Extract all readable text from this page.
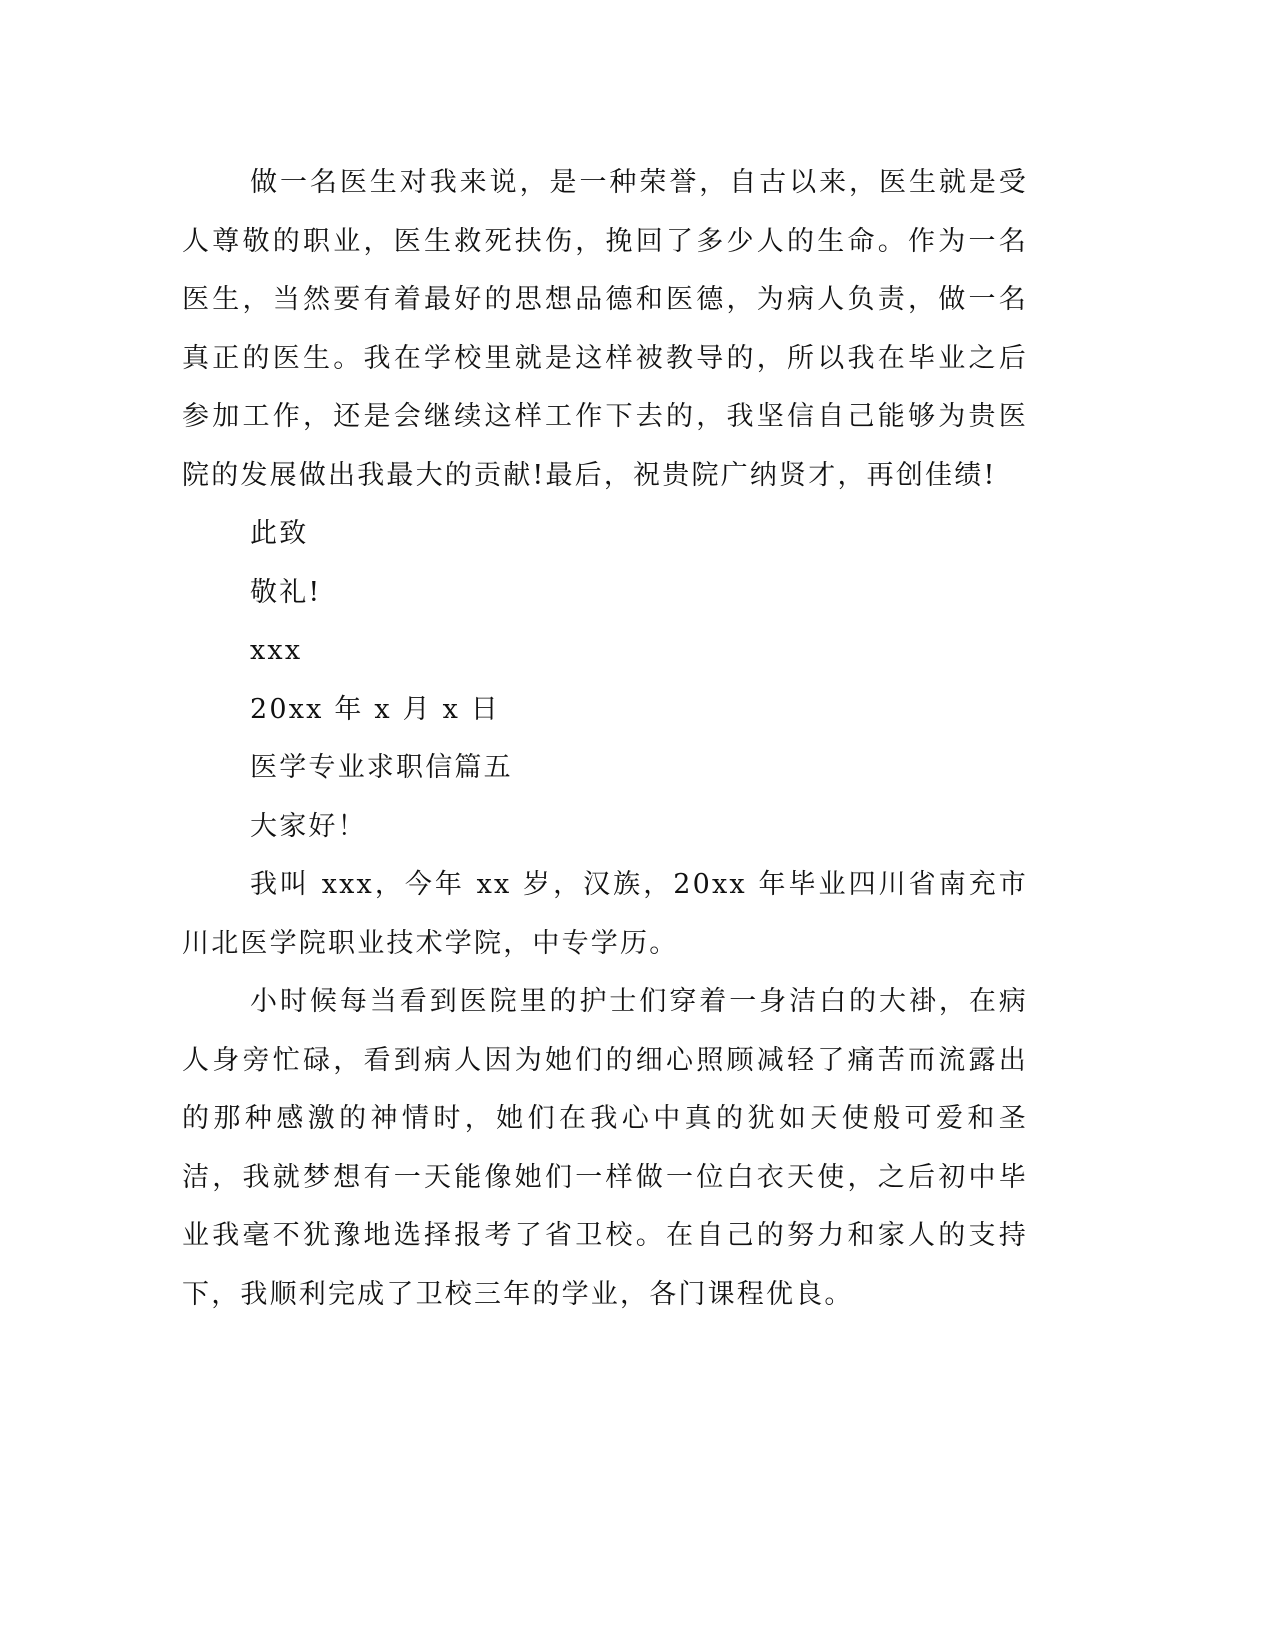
做一名医生对我来说，是一种荣誉，自古以来，医生就是受人尊敬的职业，医生救死扶伤，挽回了多少人的生命。作为一名医生，当然要有着最好的思想品德和医德，为病人负责，做一名真正的医生。我在学校里就是这样被教导的，所以我在毕业之后参加工作，还是会继续这样工作下去的，我坚信自己能够为贵医院的发展做出我最大的贡献!最后，祝贵院广纳贤才，再创佳绩!

此致

敬礼!

xxx

20xx 年 x 月 x 日

医学专业求职信篇五

大家好！

我叫 xxx，今年 xx 岁，汉族，20xx 年毕业四川省南充市川北医学院职业技术学院，中专学历。

小时候每当看到医院里的护士们穿着一身洁白的大褂，在病人身旁忙碌，看到病人因为她们的细心照顾减轻了痛苦而流露出的那种感激的神情时，她们在我心中真的犹如天使般可爱和圣洁，我就梦想有一天能像她们一样做一位白衣天使，之后初中毕业我毫不犹豫地选择报考了省卫校。在自己的努力和家人的支持下，我顺利完成了卫校三年的学业，各门课程优良。
